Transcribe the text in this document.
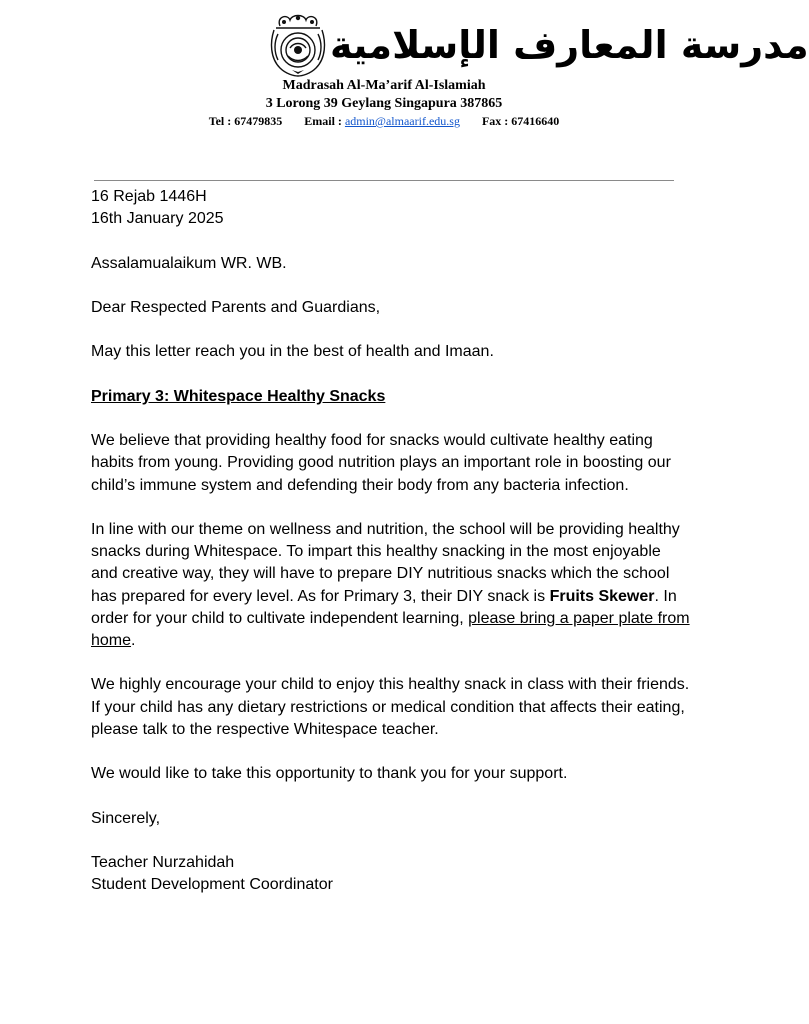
مدرسة المعارف الإسلامية
Madrasah Al-Ma’arif Al-Islamiah
3 Lorong 39 Geylang Singapura 387865
Tel : 67479835 Email : admin@almaarif.edu.sg Fax : 67416640

16 Rejab 1446H

16th January 2025

Assalamualaikum WR. WB.

Dear Respected Parents and Guardians,

May this letter reach you in the best of health and Imaan.

Primary 3: Whitespace Healthy Snacks

We believe that providing healthy food for snacks would cultivate healthy eating habits from young. Providing good nutrition plays an important role in boosting our child’s immune system and defending their body from any bacteria infection.

In line with our theme on wellness and nutrition, the school will be providing healthy snacks during Whitespace. To impart this healthy snacking in the most enjoyable and creative way, they will have to prepare DIY nutritious snacks which the school has prepared for every level. As for Primary 3, their DIY snack is Fruits Skewer. In order for your child to cultivate independent learning, please bring a paper plate from home.

We highly encourage your child to enjoy this healthy snack in class with their friends. If your child has any dietary restrictions or medical condition that affects their eating, please talk to the respective Whitespace teacher.

We would like to take this opportunity to thank you for your support.

Sincerely,

Teacher Nurzahidah

Student Development Coordinator
